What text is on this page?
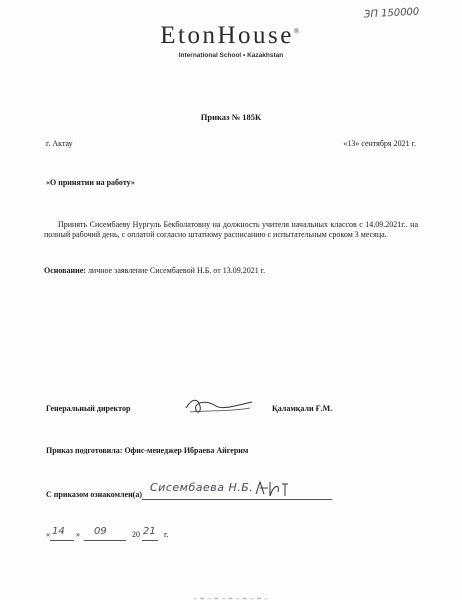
ЗП 150000
EtonHouse®
International School • Kazakhstan
Приказ № 185К
г. Актау	«13» сентября 2021 г.
«О принятии на работу»
Принять Сисембаеву Нургуль Бекболатовну на должность учителя начальных классов с 14.09.2021г.. на полный рабочий день, с оплатой согласно штатному расписанию с испытательным сроком 3 месяца.
Основание: личное заявление Сисембаевой Н.Б. от 13.09.2021 г.
Генеральный директор	Қаламқали Ғ.М.
Приказ подготовила: Офис-менеджер Ибраева Айгерим
С приказом ознакомлен(а)
Сисембаева Н.Б.
« 14 » 09	20 21 г.
▁ ▂ ▁ ▂ ▁ ▂ ▁ ▂ ▁ ▂ ▁
